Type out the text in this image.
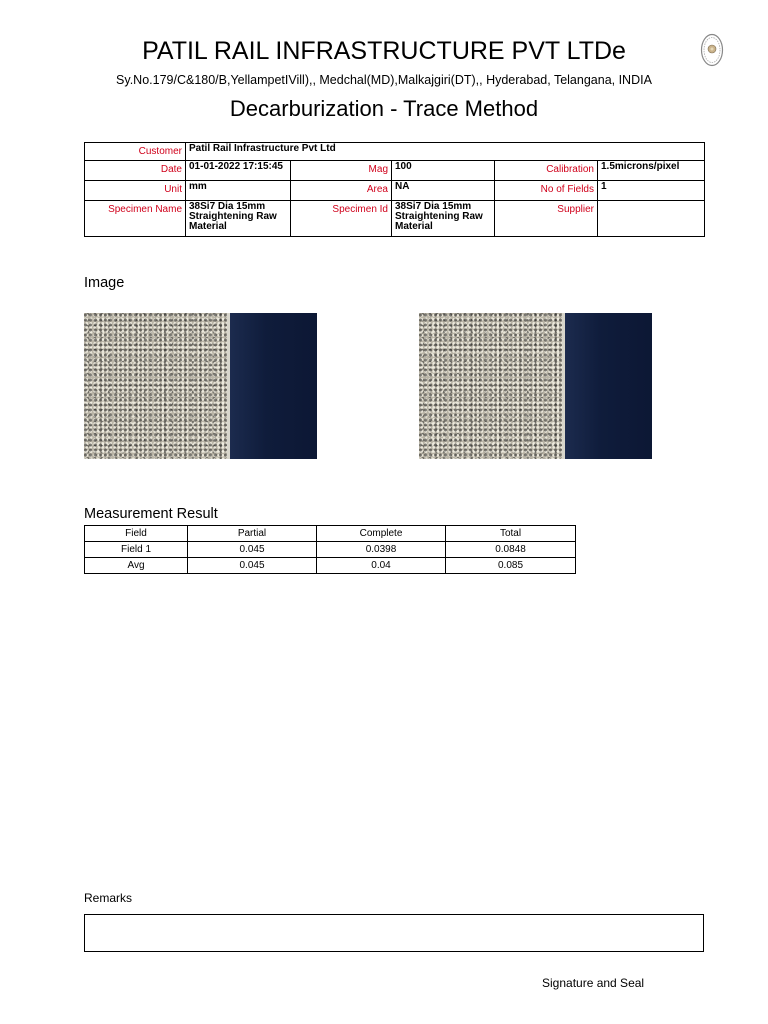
PATIL RAIL INFRASTRUCTURE PVT LTDe
Sy.No.179/C&180/B,YellampetIVill),, Medchal(MD),Malkajgiri(DT),, Hyderabad, Telangana, INDIA
Decarburization - Trace Method
Customer	Patil Rail Infrastructure Pvt Ltd				
Date	01-01-2022 17:15:45	Mag	100	Calibration	1.5microns/pixel
Unit	mm	Area	NA	No of Fields	1
Specimen Name	38Si7 Dia 15mm Straightening Raw Material	Specimen Id	38Si7 Dia 15mm Straightening Raw Material	Supplier	
Image
Measurement Result
Field	Partial	Complete	Total
Field 1	0.045	0.0398	0.0848
Avg	0.045	0.04	0.085
Remarks
Signature and Seal
